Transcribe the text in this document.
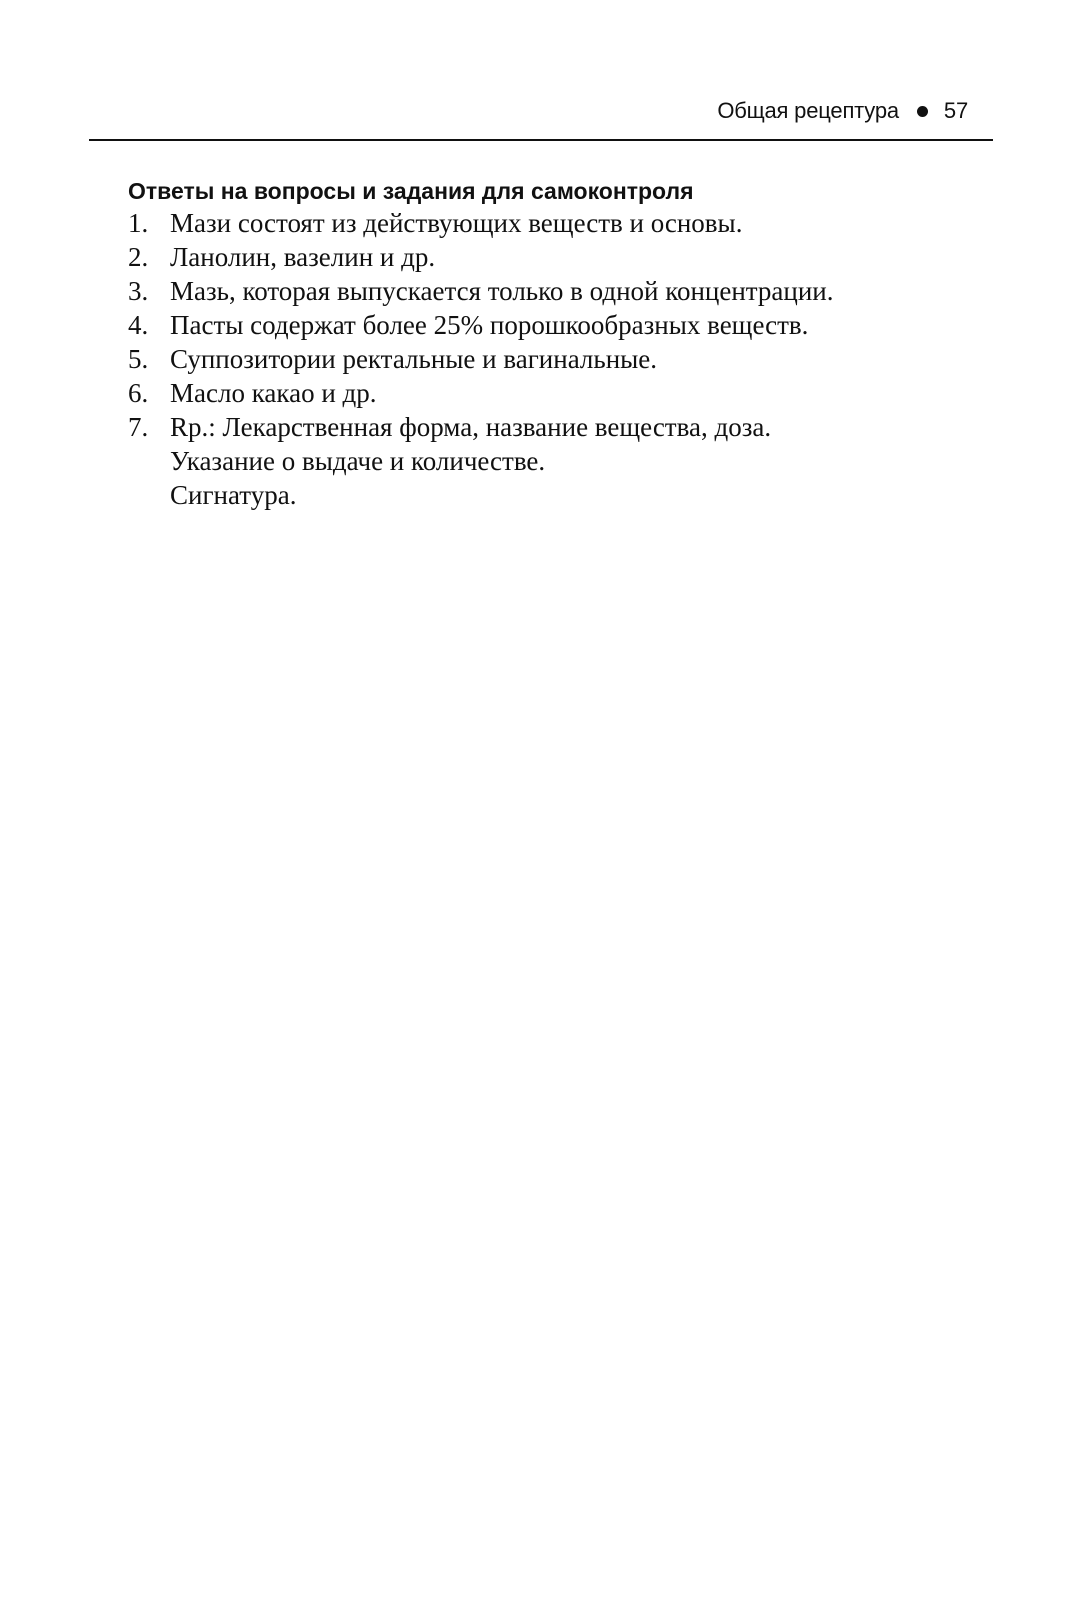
Общая рецептура 57
Ответы на вопросы и задания для самоконтроля
1. Мази состоят из действующих веществ и основы.
2. Ланолин, вазелин и др.
3. Мазь, которая выпускается только в одной концентрации.
4. Пасты содержат более 25% порошкообразных веществ.
5. Суппозитории ректальные и вагинальные.
6. Масло какао и др.
7. Rp.: Лекарственная форма, название вещества, доза.
Указание о выдаче и количестве.
Сигнатура.
